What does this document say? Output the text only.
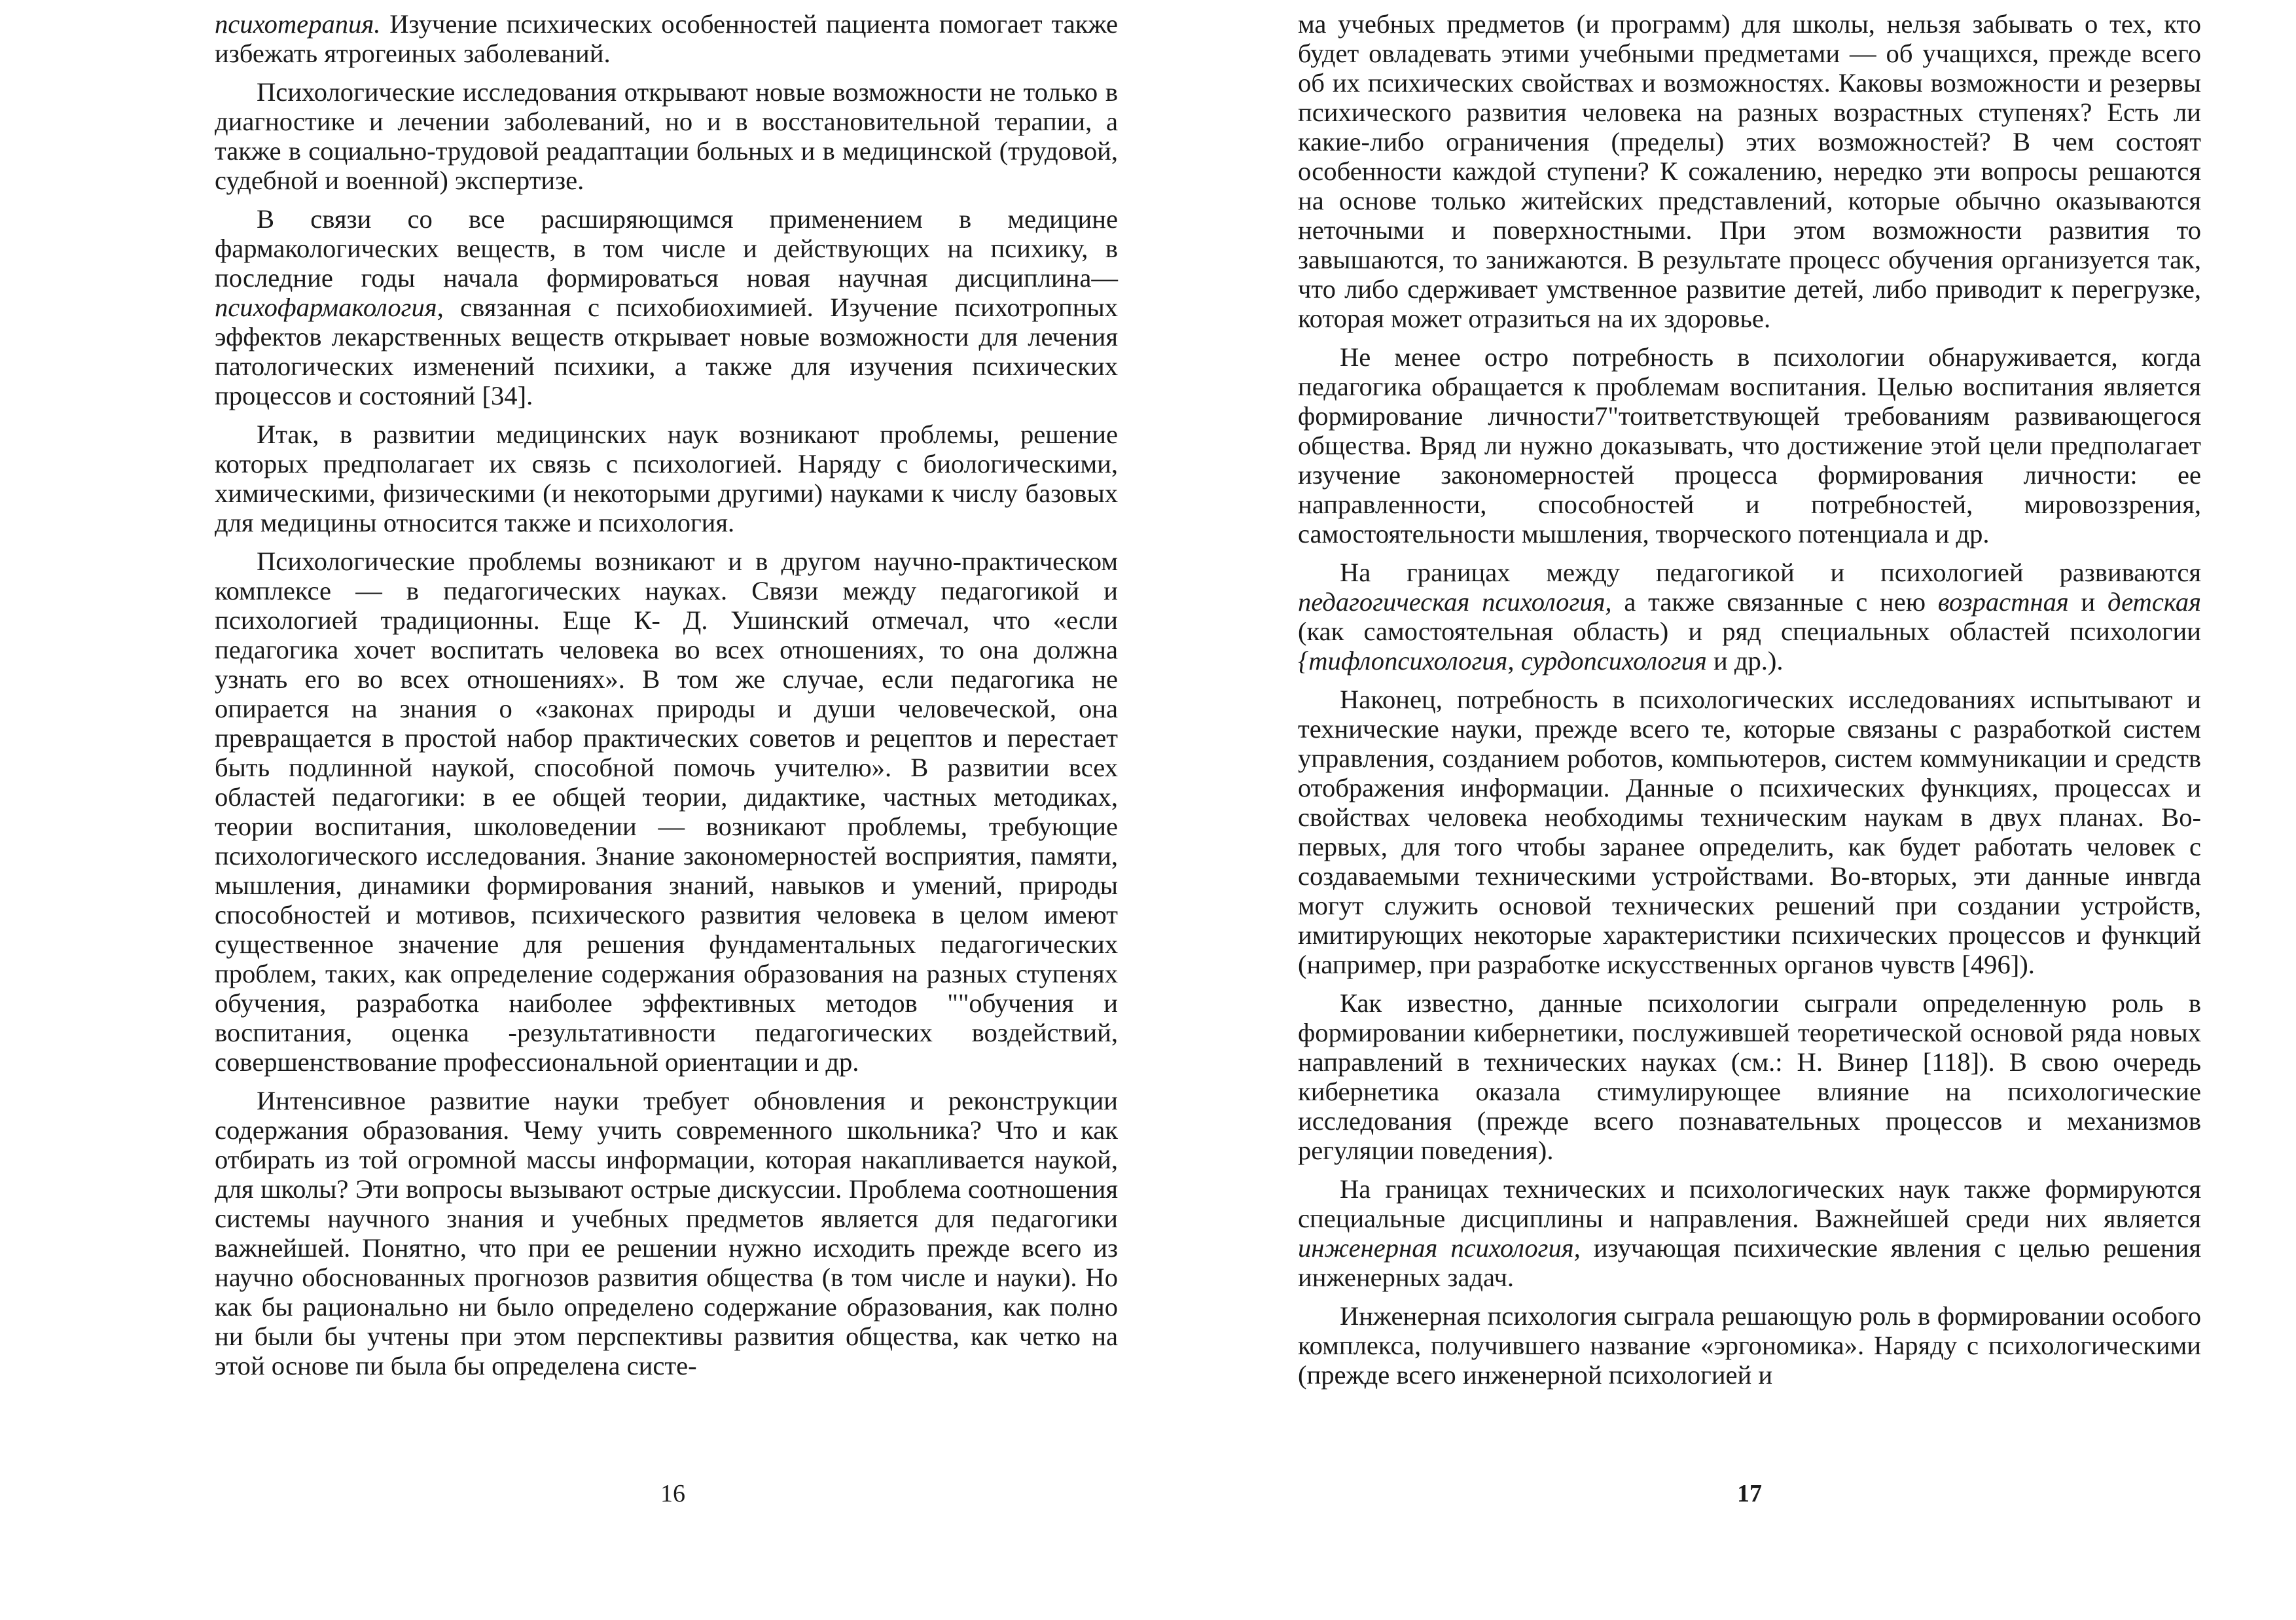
психотерапия. Изучение психических особенностей пациента помогает также избежать ятрогеиных заболеваний.

Психологические исследования открывают новые возможности не только в диагностике и лечении заболеваний, но и в восстановительной терапии, а также в социально-трудовой реадаптации больных и в медицинской (трудовой, судебной и военной) экспертизе.

В связи со все расширяющимся применением в медицине фармакологических веществ, в том числе и действующих на психику, в последние годы начала формироваться новая научная дисциплина— психофармакология, связанная с психобиохимией. Изучение психотропных эффектов лекарственных веществ открывает новые возможности для лечения патологических изменений психики, а также для изучения психических процессов и состояний [34].

Итак, в развитии медицинских наук возникают проблемы, решение которых предполагает их связь с психологией. Наряду с биологическими, химическими, физическими (и некоторыми другими) науками к числу базовых для медицины относится также и психология.

Психологические проблемы возникают и в другом научно-практическом комплексе — в педагогических науках. Связи между педагогикой и психологией традиционны. Еще К- Д. Ушинский отмечал, что «если педагогика хочет воспитать человека во всех отношениях, то она должна узнать его во всех отношениях». В том же случае, если педагогика не опирается на знания о «законах природы и души человеческой, она превращается в простой набор практических советов и рецептов и перестает быть подлинной наукой, способной помочь учителю». В развитии всех областей педагогики: в ее общей теории, дидактике, частных методиках, теории воспитания, школоведении — возникают проблемы, требующие психологического исследования. Знание закономерностей восприятия, памяти, мышления, динамики формирования знаний, навыков и умений, природы способностей и мотивов, психического развития человека в целом имеют существенное значение для решения фундаментальных педагогических проблем, таких, как определение содержания образования на разных ступенях обучения, разработка наиболее эффективных методов ""обучения и воспитания, оценка -результативности педагогических воздействий, совершенствование профессиональной ориентации и др.

Интенсивное развитие науки требует обновления и реконструкции содержания образования. Чему учить современного школьника? Что и как отбирать из той огромной массы информации, которая накапливается наукой, для школы? Эти вопросы вызывают острые дискуссии. Проблема соотношения системы научного знания и учебных предметов является для педагогики важнейшей. Понятно, что при ее решении нужно исходить прежде всего из научно обоснованных прогнозов развития общества (в том числе и науки). Но как бы рационально ни было определено содержание образования, как полно ни были бы учтены при этом перспективы развития общества, как четко на этой основе пи была бы определена систе-

16

ма учебных предметов (и программ) для школы, нельзя забывать о тех, кто будет овладевать этими учебными предметами — об учащихся, прежде всего об их психических свойствах и возможностях. Каковы возможности и резервы психического развития человека на разных возрастных ступенях? Есть ли какие-либо ограничения (пределы) этих возможностей? В чем состоят особенности каждой ступени? К сожалению, нередко эти вопросы решаются на основе только житейских представлений, которые обычно оказываются неточными и поверхностными. При этом возможности развития то завышаются, то занижаются. В результате процесс обучения организуется так, что либо сдерживает умственное развитие детей, либо приводит к перегрузке, которая может отразиться на их здоровье.

Не менее остро потребность в психологии обнаруживается, когда педагогика обращается к проблемам воспитания. Целью воспитания является формирование личности7"тоитветствующей требованиям развивающегося общества. Вряд ли нужно доказывать, что достижение этой цели предполагает изучение закономерностей процесса формирования личности: ее направленности, способностей и потребностей, мировоззрения, самостоятельности мышления, творческого потенциала и др.

На границах между педагогикой и психологией развиваются педагогическая психология, а также связанные с нею возрастная и детская (как самостоятельная область) и ряд специальных областей психологии {тифлопсихология, сурдопсихология и др.).

Наконец, потребность в психологических исследованиях испытывают и технические науки, прежде всего те, которые связаны с разработкой систем управления, созданием роботов, компьютеров, систем коммуникации и средств отображения информации. Данные о психических функциях, процессах и свойствах человека необходимы техническим наукам в двух планах. Во-первых, для того чтобы заранее определить, как будет работать человек с создаваемыми техническими устройствами. Во-вторых, эти данные инвгда могут служить основой технических решений при создании устройств, имитирующих некоторые характеристики психических процессов и функций (например, при разработке искусственных органов чувств [496]).

Как известно, данные психологии сыграли определенную роль в формировании кибернетики, послужившей теоретической основой ряда новых направлений в технических науках (см.: Н. Винер [118]). В свою очередь кибернетика оказала стимулирующее влияние на психологические исследования (прежде всего познавательных процессов и механизмов регуляции поведения).

На границах технических и психологических наук также формируются специальные дисциплины и направления. Важнейшей среди них является инженерная психология, изучающая психические явления с целью решения инженерных задач.

Инженерная психология сыграла решающую роль в формировании особого комплекса, получившего название «эргономика». Наряду с психологическими (прежде всего инженерной психологией и

17
